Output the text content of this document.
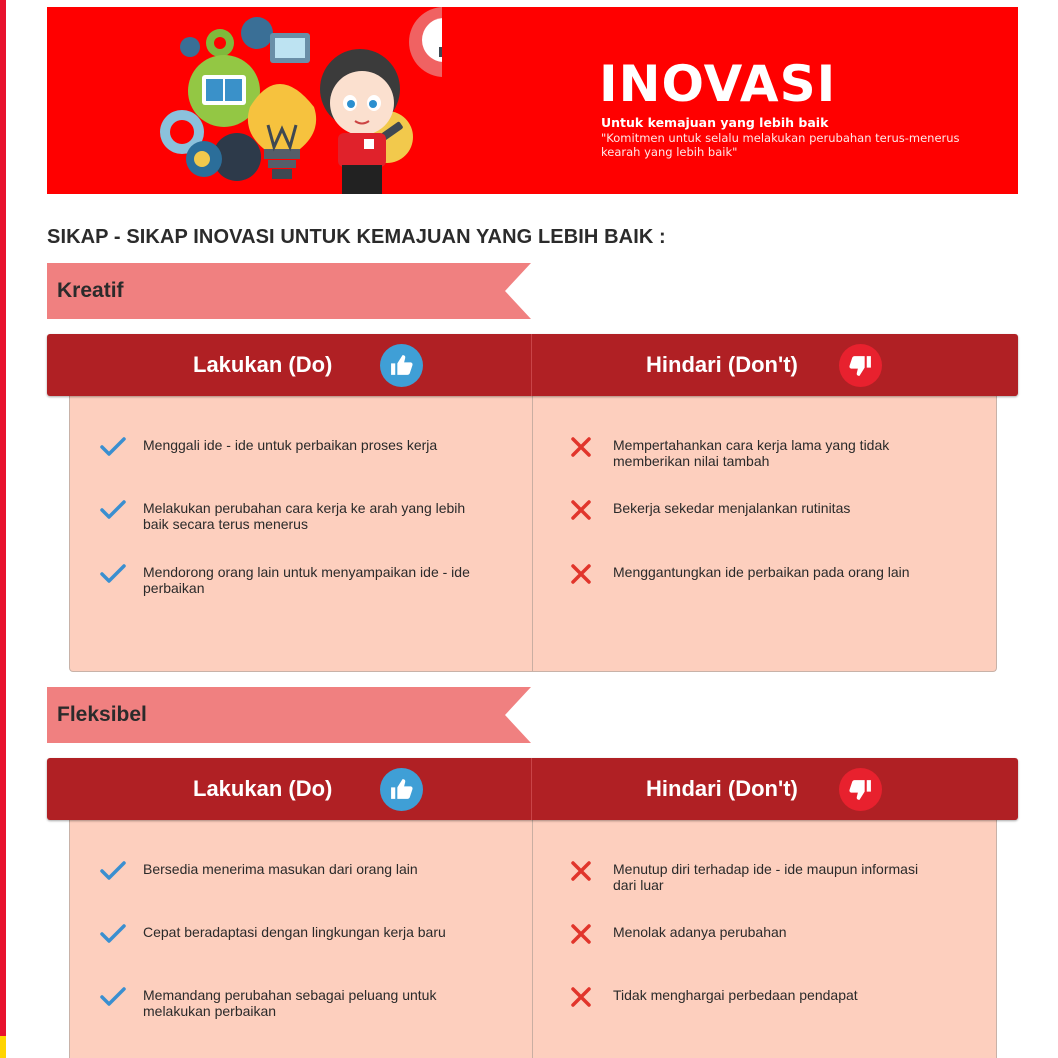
INOVASI
Untuk kemajuan yang lebih baik
"Komitmen untuk selalu melakukan perubahan terus-menerus kearah yang lebih baik"
SIKAP - SIKAP INOVASI UNTUK KEMAJUAN YANG LEBIH BAIK :
Kreatif
Menggali ide - ide untuk perbaikan proses kerja
Melakukan perubahan cara kerja ke arah yang lebih baik secara terus menerus
Mendorong orang lain untuk menyampaikan ide - ide perbaikan
Mempertahankan cara kerja lama yang tidak memberikan nilai tambah
Bekerja sekedar menjalankan rutinitas
Menggantungkan ide perbaikan pada orang lain
Lakukan (Do)	Hindari (Don't)
Fleksibel
Bersedia menerima masukan dari orang lain
Cepat beradaptasi dengan lingkungan kerja baru
Memandang perubahan sebagai peluang untuk melakukan perbaikan
Menutup diri terhadap ide - ide maupun informasi dari luar
Menolak adanya perubahan
Tidak menghargai perbedaan pendapat
Lakukan (Do)	Hindari (Don't)
